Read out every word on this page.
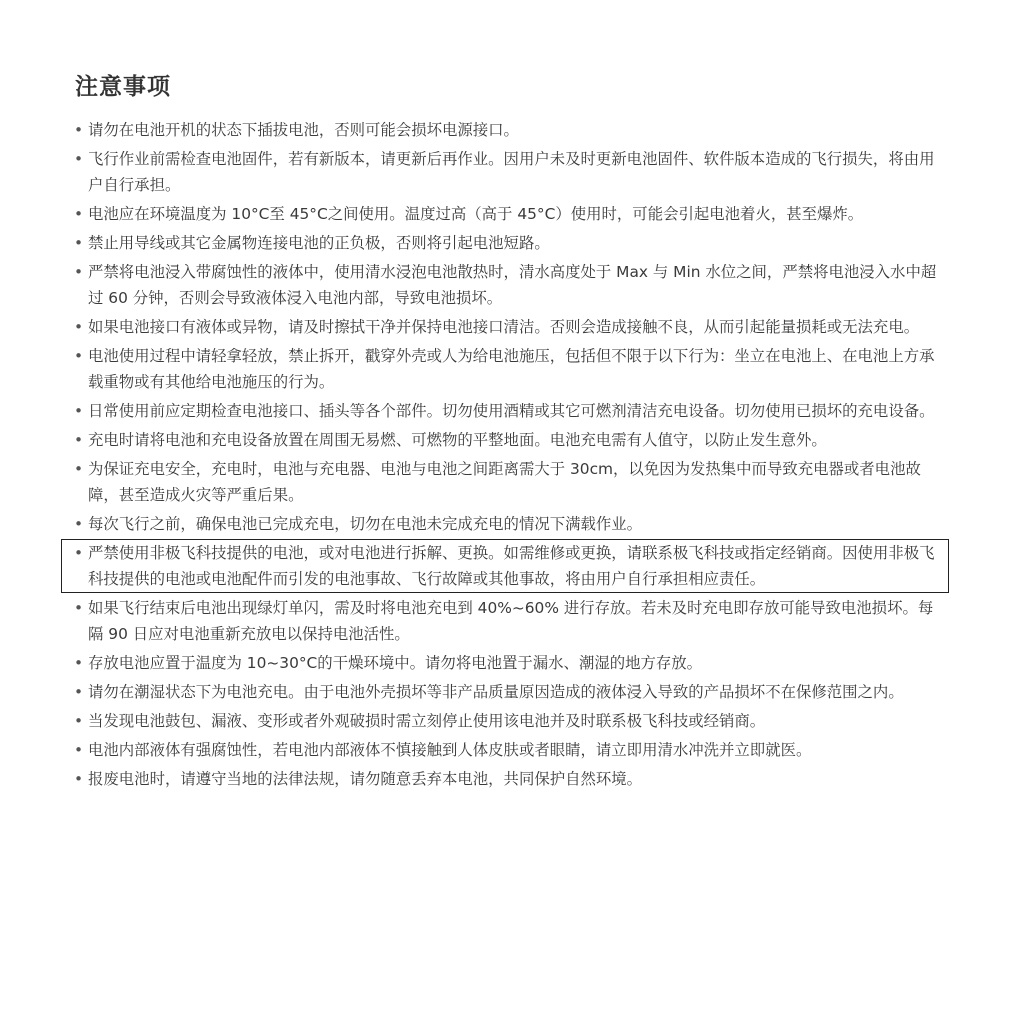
注意事项
• 请勿在电池开机的状态下插拔电池，否则可能会损坏电源接口。
• 飞行作业前需检查电池固件，若有新版本，请更新后再作业。因用户未及时更新电池固件、软件版本造成的飞行损失，将由用户自行承担。
• 电池应在环境温度为 10°C至 45°C之间使用。温度过高（高于 45°C）使用时，可能会引起电池着火，甚至爆炸。
• 禁止用导线或其它金属物连接电池的正负极，否则将引起电池短路。
• 严禁将电池浸入带腐蚀性的液体中，使用清水浸泡电池散热时，清水高度处于 Max 与 Min 水位之间，严禁将电池浸入水中超过 60 分钟，否则会导致液体浸入电池内部，导致电池损坏。
• 如果电池接口有液体或异物，请及时擦拭干净并保持电池接口清洁。否则会造成接触不良，从而引起能量损耗或无法充电。
• 电池使用过程中请轻拿轻放，禁止拆开，戳穿外壳或人为给电池施压，包括但不限于以下行为：坐立在电池上、在电池上方承载重物或有其他给电池施压的行为。
• 日常使用前应定期检查电池接口、插头等各个部件。切勿使用酒精或其它可燃剂清洁充电设备。切勿使用已损坏的充电设备。
• 充电时请将电池和充电设备放置在周围无易燃、可燃物的平整地面。电池充电需有人值守，以防止发生意外。
• 为保证充电安全，充电时，电池与充电器、电池与电池之间距离需大于 30cm，以免因为发热集中而导致充电器或者电池故障，甚至造成火灾等严重后果。
• 每次飞行之前，确保电池已完成充电，切勿在电池未完成充电的情况下满载作业。
• 严禁使用非极飞科技提供的电池，或对电池进行拆解、更换。如需维修或更换，请联系极飞科技或指定经销商。因使用非极飞科技提供的电池或电池配件而引发的电池事故、飞行故障或其他事故，将由用户自行承担相应责任。
• 如果飞行结束后电池出现绿灯单闪，需及时将电池充电到 40%~60% 进行存放。若未及时充电即存放可能导致电池损坏。每隔 90 日应对电池重新充放电以保持电池活性。
• 存放电池应置于温度为 10~30°C的干燥环境中。请勿将电池置于漏水、潮湿的地方存放。
• 请勿在潮湿状态下为电池充电。由于电池外壳损坏等非产品质量原因造成的液体浸入导致的产品损坏不在保修范围之内。
• 当发现电池鼓包、漏液、变形或者外观破损时需立刻停止使用该电池并及时联系极飞科技或经销商。
• 电池内部液体有强腐蚀性，若电池内部液体不慎接触到人体皮肤或者眼睛，请立即用清水冲洗并立即就医。
• 报废电池时，请遵守当地的法律法规，请勿随意丢弃本电池，共同保护自然环境。
